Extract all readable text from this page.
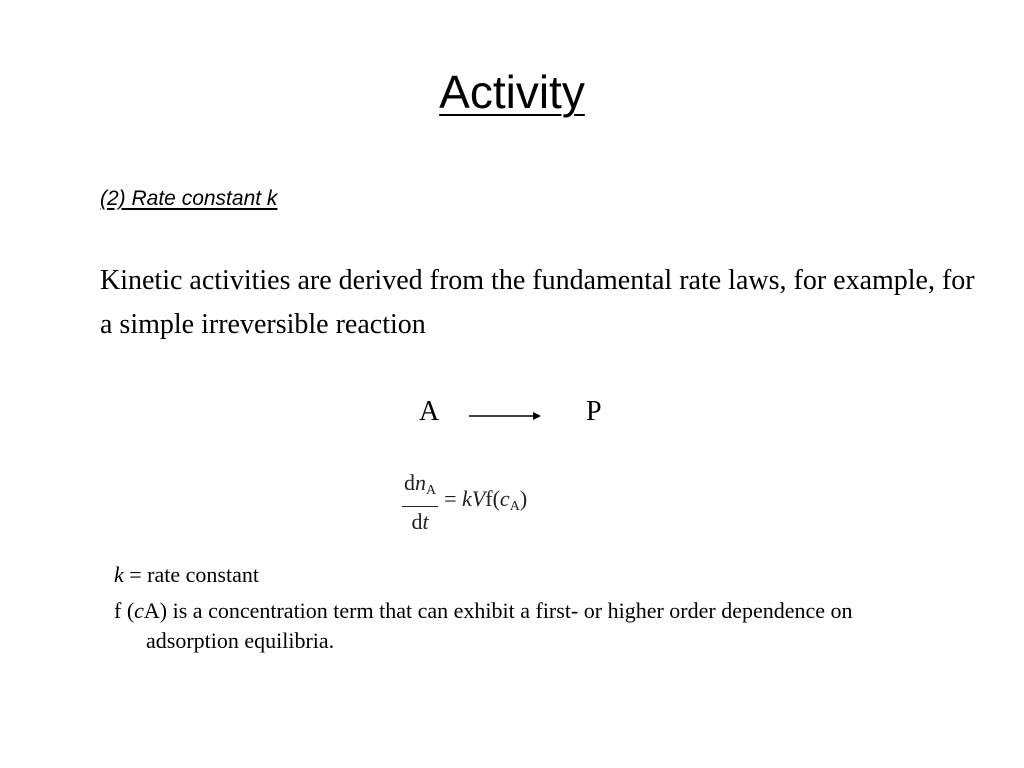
Activity
(2) Rate constant k

Kinetic activities are derived from the fundamental rate laws, for example, for a simple irreversible reaction

A	P
$\frac{dn_A}{dt} = kVf(c_A)$

k = rate constant

f (cA) is a concentration term that can exhibit a first- or higher order dependence on adsorption equilibria.
